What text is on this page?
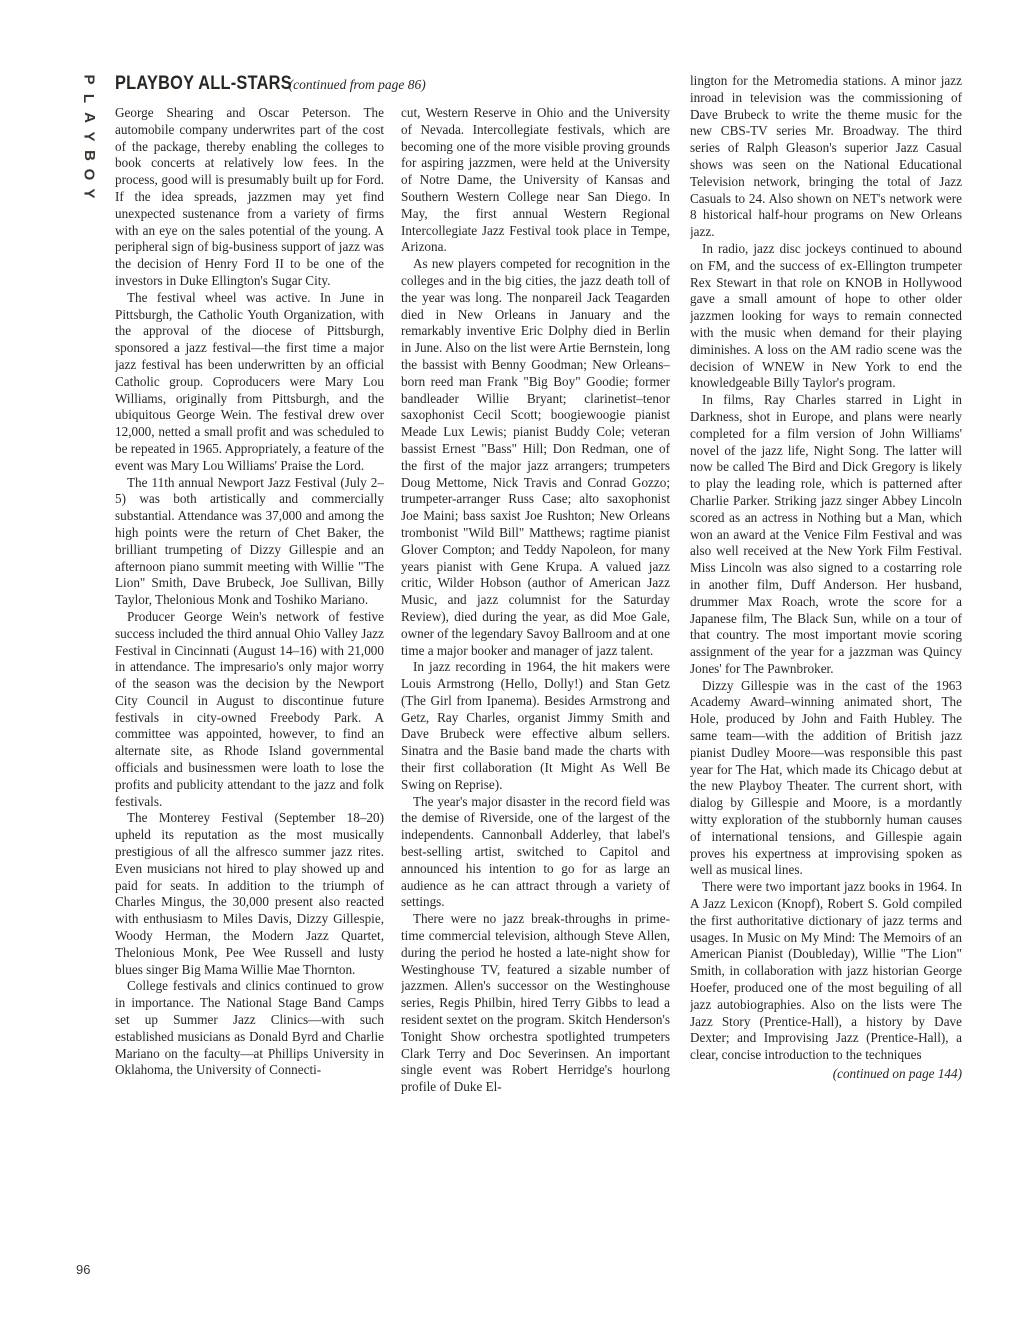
P
L
A
Y
B
O
Y
PLAYBOY ALL-STARS (continued from page 86)

George Shearing and Oscar Peterson. The automobile company underwrites part of the cost of the package, thereby enabling the colleges to book concerts at relatively low fees. In the process, good will is presumably built up for Ford. If the idea spreads, jazzmen may yet find unexpected sustenance from a variety of firms with an eye on the sales potential of the young. A peripheral sign of big-business support of jazz was the decision of Henry Ford II to be one of the investors in Duke Ellington's Sugar City.

The festival wheel was active. In June in Pittsburgh, the Catholic Youth Organization, with the approval of the diocese of Pittsburgh, sponsored a jazz festival—the first time a major jazz festival has been underwritten by an official Catholic group. Coproducers were Mary Lou Williams, originally from Pittsburgh, and the ubiquitous George Wein. The festival drew over 12,000, netted a small profit and was scheduled to be repeated in 1965. Appropriately, a feature of the event was Mary Lou Williams' Praise the Lord.

The 11th annual Newport Jazz Festival (July 2–5) was both artistically and commercially substantial. Attendance was 37,000 and among the high points were the return of Chet Baker, the brilliant trumpeting of Dizzy Gillespie and an afternoon piano summit meeting with Willie "The Lion" Smith, Dave Brubeck, Joe Sullivan, Billy Taylor, Thelonious Monk and Toshiko Mariano.

Producer George Wein's network of festive success included the third annual Ohio Valley Jazz Festival in Cincinnati (August 14–16) with 21,000 in attendance. The impresario's only major worry of the season was the decision by the Newport City Council in August to discontinue future festivals in city-owned Freebody Park. A committee was appointed, however, to find an alternate site, as Rhode Island governmental officials and businessmen were loath to lose the profits and publicity attendant to the jazz and folk festivals.

The Monterey Festival (September 18–20) upheld its reputation as the most musically prestigious of all the alfresco summer jazz rites. Even musicians not hired to play showed up and paid for seats. In addition to the triumph of Charles Mingus, the 30,000 present also reacted with enthusiasm to Miles Davis, Dizzy Gillespie, Woody Herman, the Modern Jazz Quartet, Thelonious Monk, Pee Wee Russell and lusty blues singer Big Mama Willie Mae Thornton.

College festivals and clinics continued to grow in importance. The National Stage Band Camps set up Summer Jazz Clinics—with such established musicians as Donald Byrd and Charlie Mariano on the faculty—at Phillips University in Oklahoma, the University of Connecti-

cut, Western Reserve in Ohio and the University of Nevada. Intercollegiate festivals, which are becoming one of the more visible proving grounds for aspiring jazzmen, were held at the University of Notre Dame, the University of Kansas and Southern Western College near San Diego. In May, the first annual Western Regional Intercollegiate Jazz Festival took place in Tempe, Arizona.

As new players competed for recognition in the colleges and in the big cities, the jazz death toll of the year was long. The nonpareil Jack Teagarden died in New Orleans in January and the remarkably inventive Eric Dolphy died in Berlin in June. Also on the list were Artie Bernstein, long the bassist with Benny Goodman; New Orleans–born reed man Frank "Big Boy" Goodie; former bandleader Willie Bryant; clarinetist–tenor saxophonist Cecil Scott; boogiewoogie pianist Meade Lux Lewis; pianist Buddy Cole; veteran bassist Ernest "Bass" Hill; Don Redman, one of the first of the major jazz arrangers; trumpeters Doug Mettome, Nick Travis and Conrad Gozzo; trumpeter-arranger Russ Case; alto saxophonist Joe Maini; bass saxist Joe Rushton; New Orleans trombonist "Wild Bill" Matthews; ragtime pianist Glover Compton; and Teddy Napoleon, for many years pianist with Gene Krupa. A valued jazz critic, Wilder Hobson (author of American Jazz Music, and jazz columnist for the Saturday Review), died during the year, as did Moe Gale, owner of the legendary Savoy Ballroom and at one time a major booker and manager of jazz talent.

In jazz recording in 1964, the hit makers were Louis Armstrong (Hello, Dolly!) and Stan Getz (The Girl from Ipanema). Besides Armstrong and Getz, Ray Charles, organist Jimmy Smith and Dave Brubeck were effective album sellers. Sinatra and the Basie band made the charts with their first collaboration (It Might As Well Be Swing on Reprise).

The year's major disaster in the record field was the demise of Riverside, one of the largest of the independents. Cannonball Adderley, that label's best-selling artist, switched to Capitol and announced his intention to go for as large an audience as he can attract through a variety of settings.

There were no jazz break-throughs in prime-time commercial television, although Steve Allen, during the period he hosted a late-night show for Westinghouse TV, featured a sizable number of jazzmen. Allen's successor on the Westinghouse series, Regis Philbin, hired Terry Gibbs to lead a resident sextet on the program. Skitch Henderson's Tonight Show orchestra spotlighted trumpeters Clark Terry and Doc Severinsen. An important single event was Robert Herridge's hourlong profile of Duke El-

lington for the Metromedia stations. A minor jazz inroad in television was the commissioning of Dave Brubeck to write the theme music for the new CBS-TV series Mr. Broadway. The third series of Ralph Gleason's superior Jazz Casual shows was seen on the National Educational Television network, bringing the total of Jazz Casuals to 24. Also shown on NET's network were 8 historical half-hour programs on New Orleans jazz.

In radio, jazz disc jockeys continued to abound on FM, and the success of ex-Ellington trumpeter Rex Stewart in that role on KNOB in Hollywood gave a small amount of hope to other older jazzmen looking for ways to remain connected with the music when demand for their playing diminishes. A loss on the AM radio scene was the decision of WNEW in New York to end the knowledgeable Billy Taylor's program.

In films, Ray Charles starred in Light in Darkness, shot in Europe, and plans were nearly completed for a film version of John Williams' novel of the jazz life, Night Song. The latter will now be called The Bird and Dick Gregory is likely to play the leading role, which is patterned after Charlie Parker. Striking jazz singer Abbey Lincoln scored as an actress in Nothing but a Man, which won an award at the Venice Film Festival and was also well received at the New York Film Festival. Miss Lincoln was also signed to a costarring role in another film, Duff Anderson. Her husband, drummer Max Roach, wrote the score for a Japanese film, The Black Sun, while on a tour of that country. The most important movie scoring assignment of the year for a jazzman was Quincy Jones' for The Pawnbroker.

Dizzy Gillespie was in the cast of the 1963 Academy Award–winning animated short, The Hole, produced by John and Faith Hubley. The same team—with the addition of British jazz pianist Dudley Moore—was responsible this past year for The Hat, which made its Chicago debut at the new Playboy Theater. The current short, with dialog by Gillespie and Moore, is a mordantly witty exploration of the stubbornly human causes of international tensions, and Gillespie again proves his expertness at improvising spoken as well as musical lines.

There were two important jazz books in 1964. In A Jazz Lexicon (Knopf), Robert S. Gold compiled the first authoritative dictionary of jazz terms and usages. In Music on My Mind: The Memoirs of an American Pianist (Doubleday), Willie "The Lion" Smith, in collaboration with jazz historian George Hoefer, produced one of the most beguiling of all jazz autobiographies. Also on the lists were The Jazz Story (Prentice-Hall), a history by Dave Dexter; and Improvising Jazz (Prentice-Hall), a clear, concise introduction to the techniques

(continued on page 144)

96
